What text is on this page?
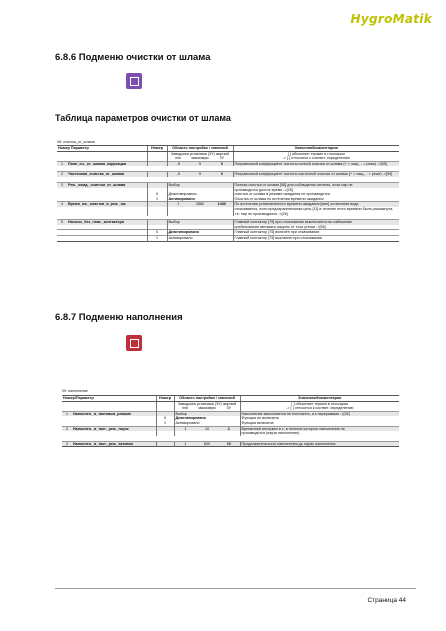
HygroMatik
6.8.6 Подменю очистки от шлама
Таблица параметров очистки от шлама
08: очистка_от_шлама
Номер Параметр		Номер	Область настройки / значений			Значения/Комментарии
			Заводская установка (ЗУ) жирный			[ ] объясняет термин в глоссарии
			min	максимум	ЗУ	-> [ ] относится к соответ. определению
1	Полн_оч._от_шлама_коррекция		-5	5	0	Поправочный коэффициент чистоты полной очистки от шлама (+ = чащ., - = реже) ->[59]

2	Частичная_очистка_от_шлама		-5	5	0	Поправочный коэффициент чистоты частичной очистки от шлама (+ = чащ., - = реже) ->[59]

3	Реж._ожид._очистки_от_шлама		Выбор			Полная очистка от шлама [58] для соблюдения гигиены, если пар не
						производится долгое время ->[26]
		0	Деактивировано			очистка от шлама в режиме ожидания не производится
		1	Активировано			Очистка от шлама по истечении времени ожидания
4	Время_ож._очистки_в_реж._ож.		1	2880	1440	По истечении установленного времени ожидания [мин] остаточная вода
						откачивается, если предохранительная цепь [11] в течение этого времени была разомкнута, т.е. пар не производился ->[26]

5	Насосы_без_глав._контактора		Выбор			Главный контактор [75] при откачивании выключается во избежание
						срабатывания автомата защиты от тока утечки ->[56]
		0	Деактивировано			Главный контактор [75] включён при откачивании
		1	Активировано			Главный контактор [75] выключен при откачивании
6.8.7 Подменю наполнения
09: наполнение
Номер/Параметр		Номер	Область настройки / значений			Значения/Комментарии
			Заводская установка (ЗУ) жирный			[ ] объясняет термин в глоссарии
			min	максимум	ЗУ	-> [ ] относится к соответ. определению
1	Наполнен._в_тактовом_режиме		Выбор			Наполнение выполняется не постоянно, а с перерывами ->[34]
		0	Деактивировано			Функция не включена
		1	Активировано			Функция включена
2	Наполнен._в_такт._реж._паузе		1	10	2	Временной интервал в с, в течение которого наполнение не
						производится (пауза наполнения)

3	Наполнен._в_такт._реж._активно		1	600	10	Продолжительность наполнения до паузы наполнения
Страница 44
